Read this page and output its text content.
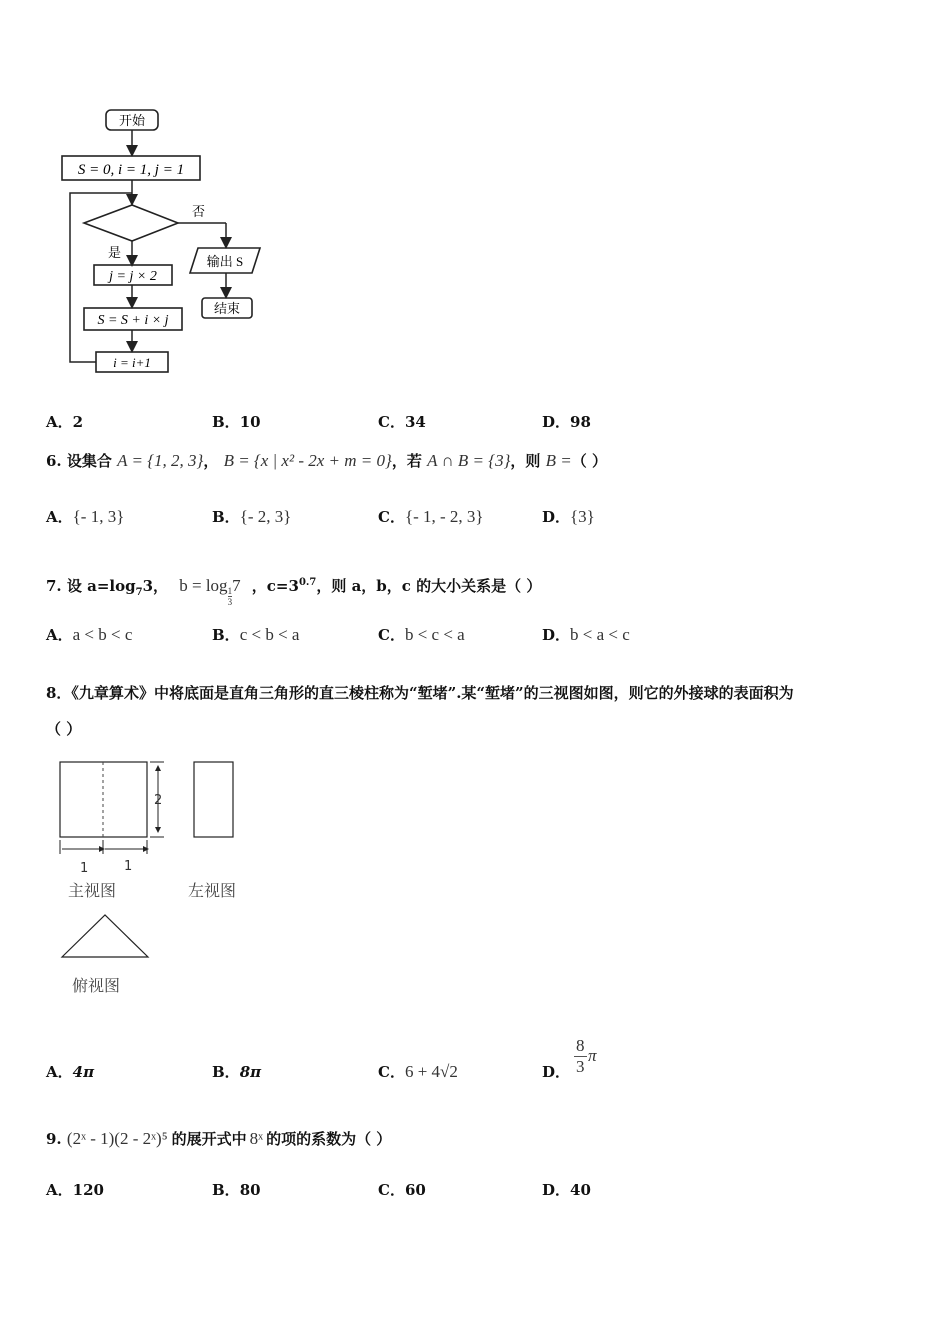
开始
S = 0, i = 1, j = 1
否
是
输出 S
结束
j = j × 2
S = S + i × j
i = i+1
A．2	B．10	C．34	D．98
6. 设集合 A = {1, 2, 3}， B = {x | x² - 2x + m = 0}，若 A ∩ B = {3}，则 B =（ ）
A．{- 1, 3}	B．{- 2, 3}	C．{- 1, - 2, 3}	D．{3}
7. 设 $a=\log_73$， b = log
$\frac{1}{3}$
7 ，$c=3^{0.7}$，则 a，b，c 的大小关系是（ ）
A．a < b < c	B．c < b < a	C．b < c < a	D．b < a < c
8．《九章算术》中将底面是直角三角形的直三棱柱称为“堑堵”.某“堑堵”的三视图如图，则它的外接球的表面积为
（ ）
2
1	1
主视图	左视图
俯视图
A．4π	B．8π	C．6 + 4√2	D．
8
3
π
9. (2ˣ - 1)(2 - 2ˣ)⁵ 的展开式中 8ˣ 的项的系数为（ ）
A．120	B．80	C．60	D．40
